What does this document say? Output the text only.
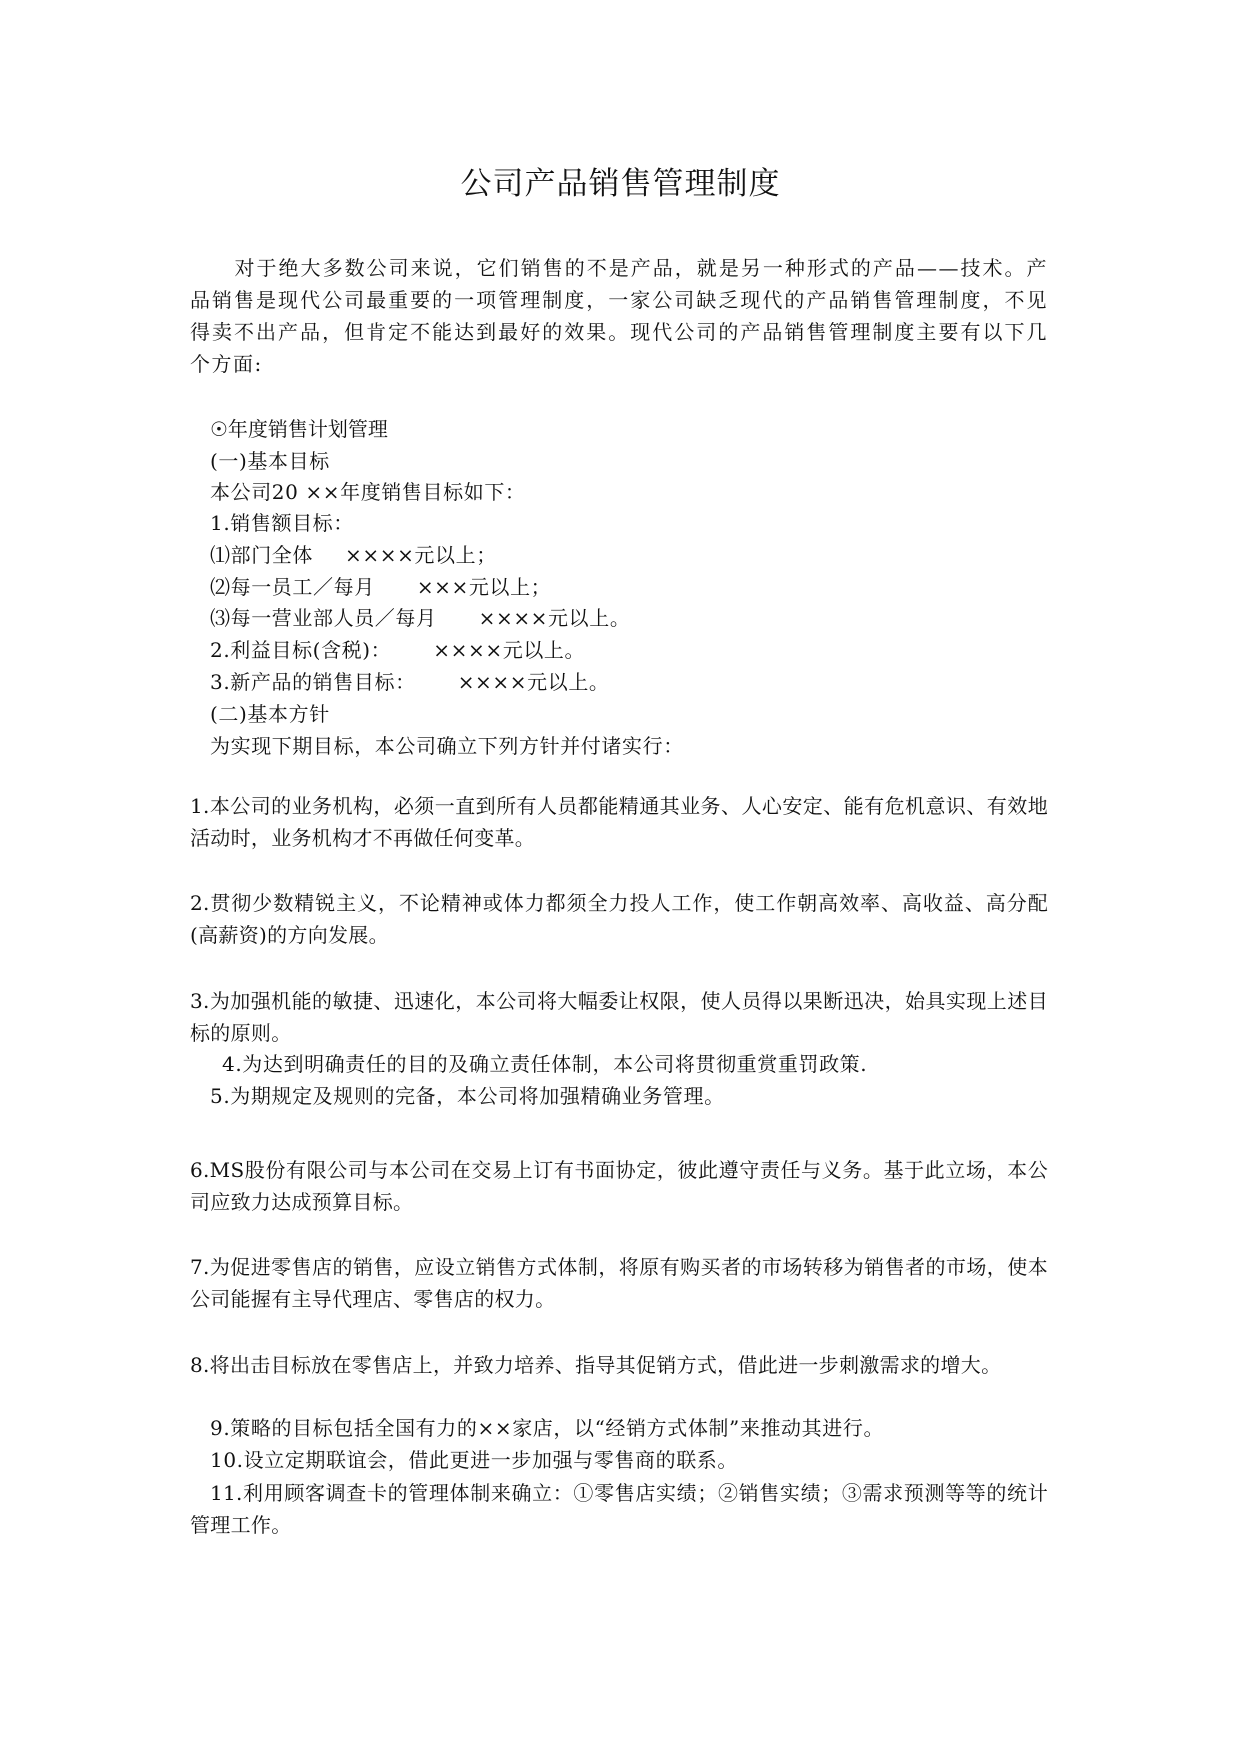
公司产品销售管理制度
对于绝大多数公司来说，它们销售的不是产品，就是另一种形式的产品——技术。产品销售是现代公司最重要的一项管理制度，一家公司缺乏现代的产品销售管理制度，不见得卖不出产品，但肯定不能达到最好的效果。现代公司的产品销售管理制度主要有以下几个方面:
☉年度销售计划管理
(一)基本目标
本公司20 ××年度销售目标如下：
1.销售额目标：
⑴部门全体 ××××元以上；
⑵每一员工／每月 ×××元以上；
⑶每一营业部人员／每月 ××××元以上。
2.利益目标(含税)： ××××元以上。
3.新产品的销售目标： ××××元以上。
(二)基本方针
为实现下期目标，本公司确立下列方针并付诸实行：
1.本公司的业务机构，必须一直到所有人员都能精通其业务、人心安定、能有危机意识、有效地活动时，业务机构才不再做任何变革。
2.贯彻少数精锐主义，不论精神或体力都须全力投人工作，使工作朝高效率、高收益、高分配(高薪资)的方向发展。
3.为加强机能的敏捷、迅速化，本公司将大幅委让权限，使人员得以果断迅决，始具实现上述目标的原则。
4.为达到明确责任的目的及确立责任体制，本公司将贯彻重赏重罚政策.
5.为期规定及规则的完备，本公司将加强精确业务管理。
6.MS股份有限公司与本公司在交易上订有书面协定，彼此遵守责任与义务。基于此立场，本公司应致力达成预算目标。
7.为促进零售店的销售，应设立销售方式体制，将原有购买者的市场转移为销售者的市场，使本公司能握有主导代理店、零售店的权力。
8.将出击目标放在零售店上，并致力培养、指导其促销方式，借此进一步刺激需求的增大。
9.策略的目标包括全国有力的××家店，以“经销方式体制”来推动其进行。
10.设立定期联谊会，借此更进一步加强与零售商的联系。
11.利用顾客调查卡的管理体制来确立：①零售店实绩；②销售实绩；③需求预测等等的统计管理工作。
